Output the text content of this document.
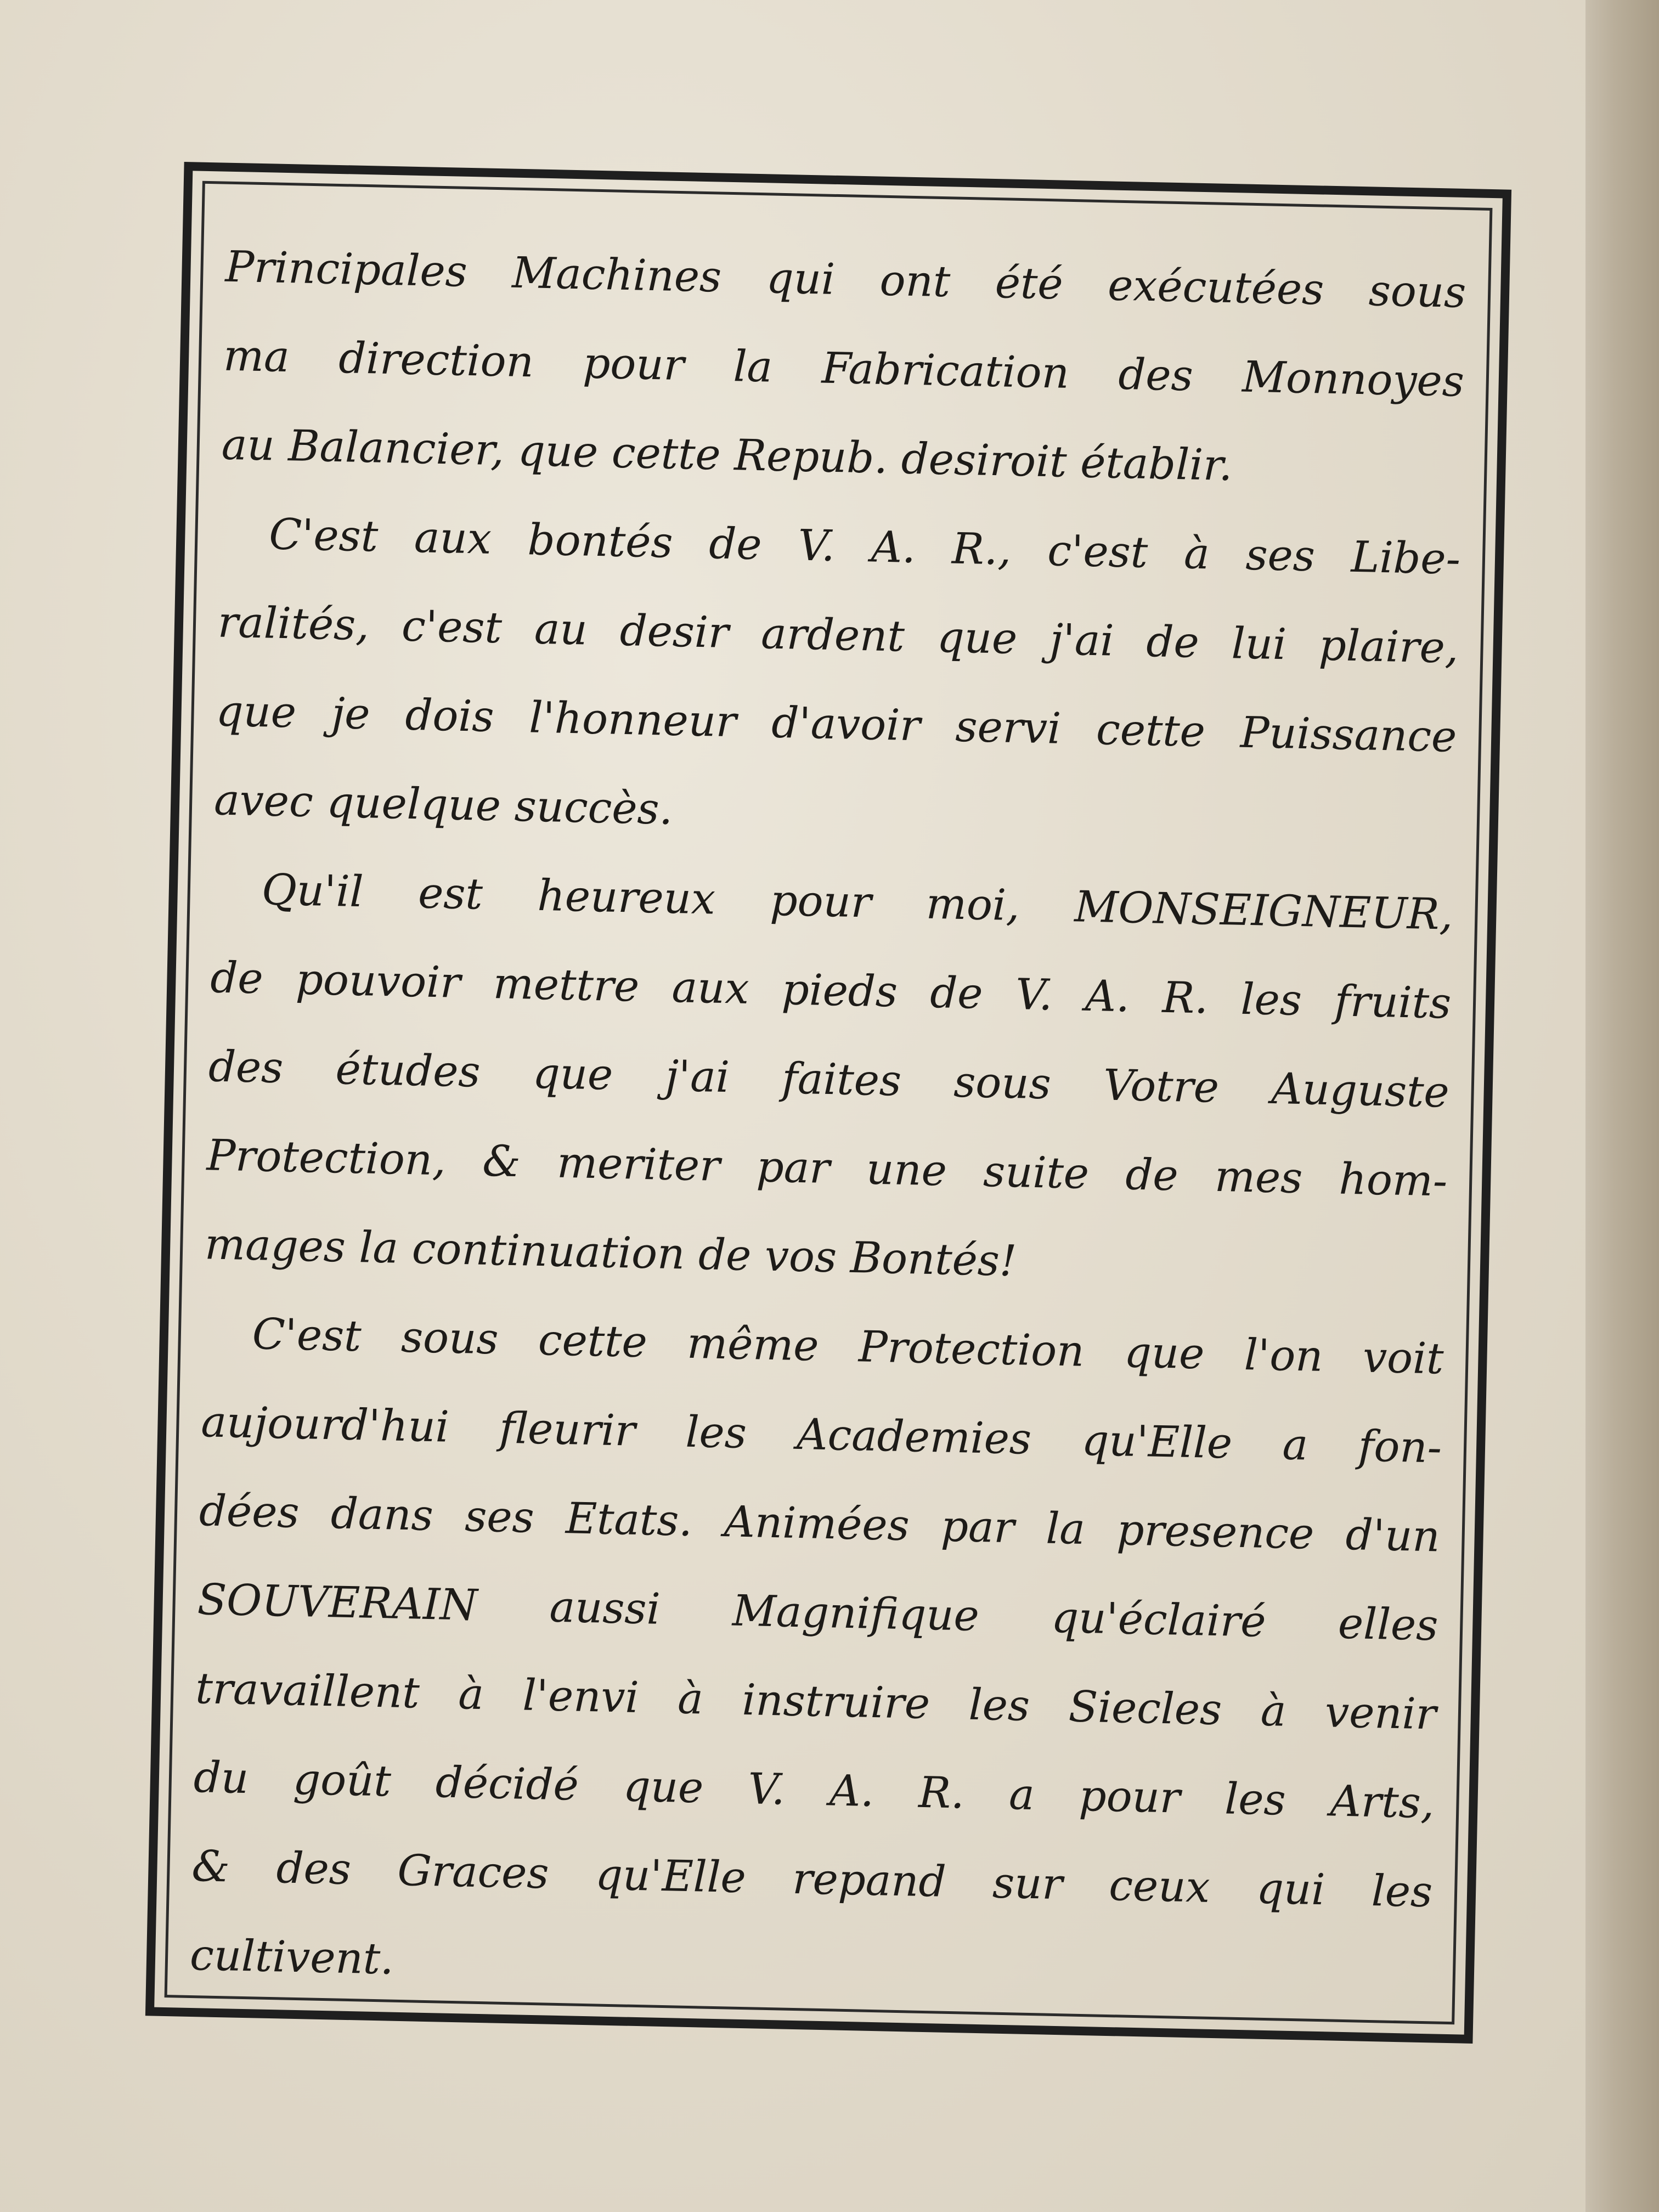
Principales Machines qui ont été exécutées sous
ma direction pour la Fabrication des Monnoyes
au Balancier, que cette Repub. desiroit établir.
C'est aux bontés de V. A. R., c'est à ses Libe-
ralités, c'est au desir ardent que j'ai de lui plaire,
que je dois l'honneur d'avoir servi cette Puissance
avec quelque succès.
Qu'il est heureux pour moi, MONSEIGNEUR,
de pouvoir mettre aux pieds de V. A. R. les fruits
des études que j'ai faites sous Votre Auguste
Protection, & meriter par une suite de mes hom-
mages la continuation de vos Bontés!
C'est sous cette même Protection que l'on voit
aujourd'hui fleurir les Academies qu'Elle a fon-
dées dans ses Etats. Animées par la presence d'un
SOUVERAIN aussi Magnifique qu'éclairé elles
travaillent à l'envi à instruire les Siecles à venir
du goût décidé que V. A. R. a pour les Arts,
& des Graces qu'Elle repand sur ceux qui les
cultivent.
